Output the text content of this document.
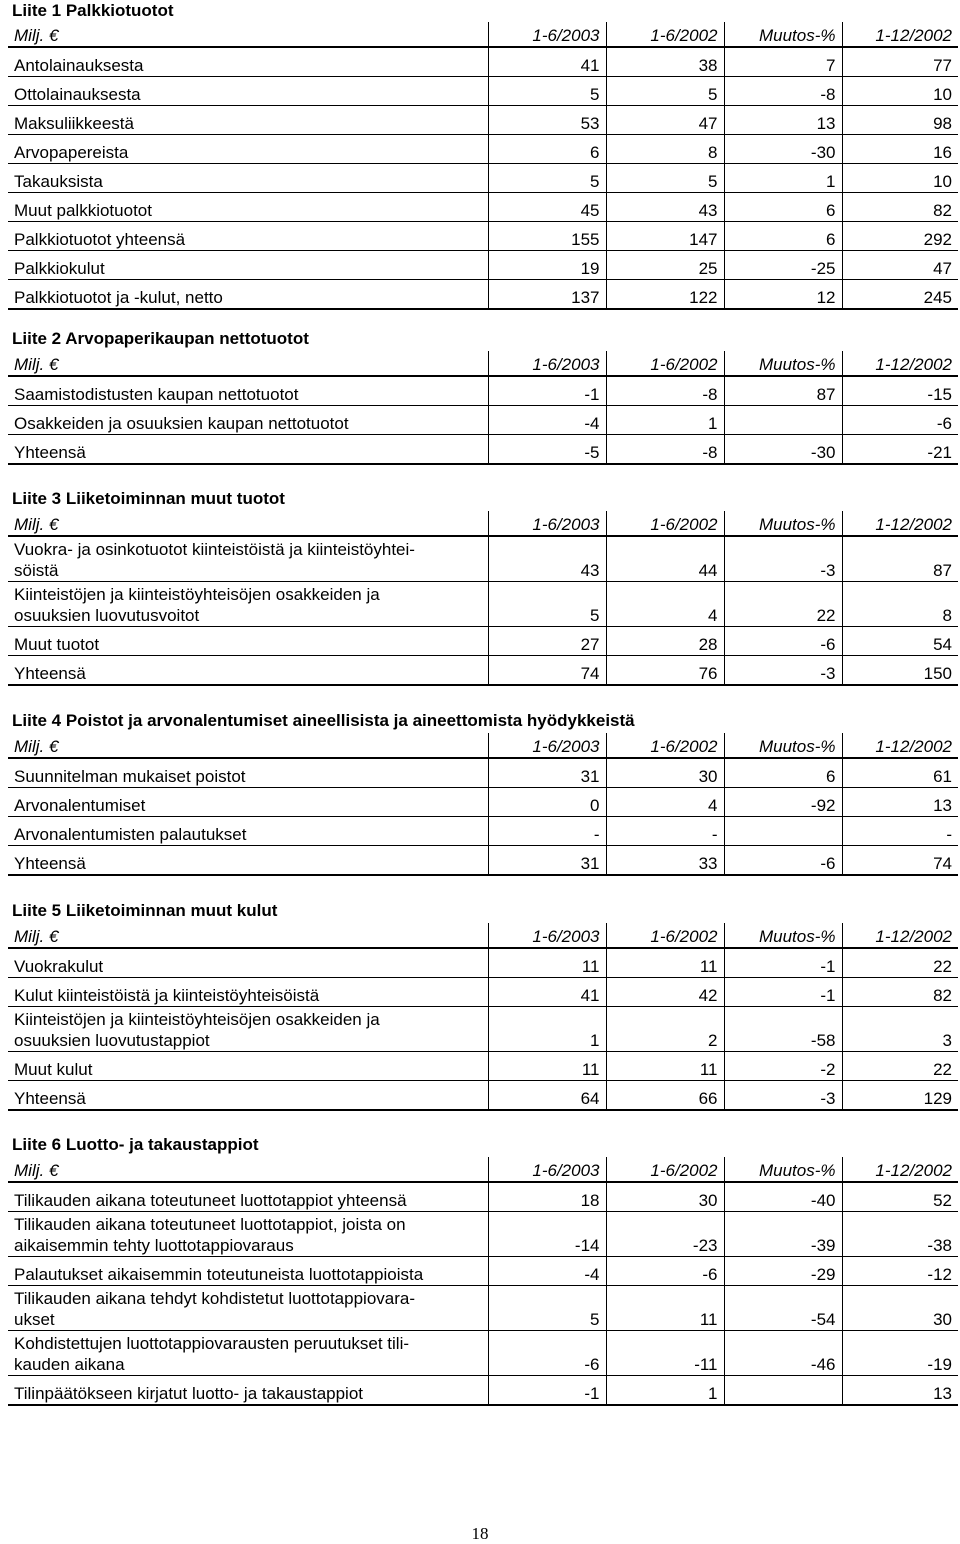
Liite 1 Palkkiotuotot
Milj. €	1-6/2003	1-6/2002	Muutos-%	1-12/2002
Antolainauksesta	41	38	7	77
Ottolainauksesta	5	5	-8	10
Maksuliikkeestä	53	47	13	98
Arvopapereista	6	8	-30	16
Takauksista	5	5	1	10
Muut palkkiotuotot	45	43	6	82
Palkkiotuotot yhteensä	155	147	6	292
Palkkiokulut	19	25	-25	47
Palkkiotuotot ja -kulut, netto	137	122	12	245
Liite 2 Arvopaperikaupan nettotuotot
Milj. €	1-6/2003	1-6/2002	Muutos-%	1-12/2002
Saamistodistusten kaupan nettotuotot	-1	-8	87	-15
Osakkeiden ja osuuksien kaupan nettotuotot	-4	1		-6
Yhteensä	-5	-8	-30	-21
Liite 3 Liiketoiminnan muut tuotot
Milj. €	1-6/2003	1-6/2002	Muutos-%	1-12/2002

Vuokra- ja osinkotuotot kiinteistöistä ja kiinteistöyhtei-
söistä	43	44	-3	87

Kiinteistöjen ja kiinteistöyhteisöjen osakkeiden ja
osuuksien luovutusvoitot	5	4	22	8
Muut tuotot	27	28	-6	54
Yhteensä	74	76	-3	150
Liite 4 Poistot ja arvonalentumiset aineellisista ja aineettomista hyödykkeistä
Milj. €	1-6/2003	1-6/2002	Muutos-%	1-12/2002
Suunnitelman mukaiset poistot	31	30	6	61
Arvonalentumiset	0	4	-92	13
Arvonalentumisten palautukset	-	-		-
Yhteensä	31	33	-6	74
Liite 5 Liiketoiminnan muut kulut
Milj. €	1-6/2003	1-6/2002	Muutos-%	1-12/2002
Vuokrakulut	11	11	-1	22
Kulut kiinteistöistä ja kiinteistöyhteisöistä	41	42	-1	82

Kiinteistöjen ja kiinteistöyhteisöjen osakkeiden ja
osuuksien luovutustappiot	1	2	-58	3
Muut kulut	11	11	-2	22
Yhteensä	64	66	-3	129
Liite 6 Luotto- ja takaustappiot
Milj. €	1-6/2003	1-6/2002	Muutos-%	1-12/2002
Tilikauden aikana toteutuneet luottotappiot yhteensä	18	30	-40	52

Tilikauden aikana toteutuneet luottotappiot, joista on
aikaisemmin tehty luottotappiovaraus	-14	-23	-39	-38
Palautukset aikaisemmin toteutuneista luottotappioista	-4	-6	-29	-12

Tilikauden aikana tehdyt kohdistetut luottotappiovara-
ukset	5	11	-54	30

Kohdistettujen luottotappiovarausten peruutukset tili-
kauden aikana	-6	-11	-46	-19
Tilinpäätökseen kirjatut luotto- ja takaustappiot	-1	1		13
18
